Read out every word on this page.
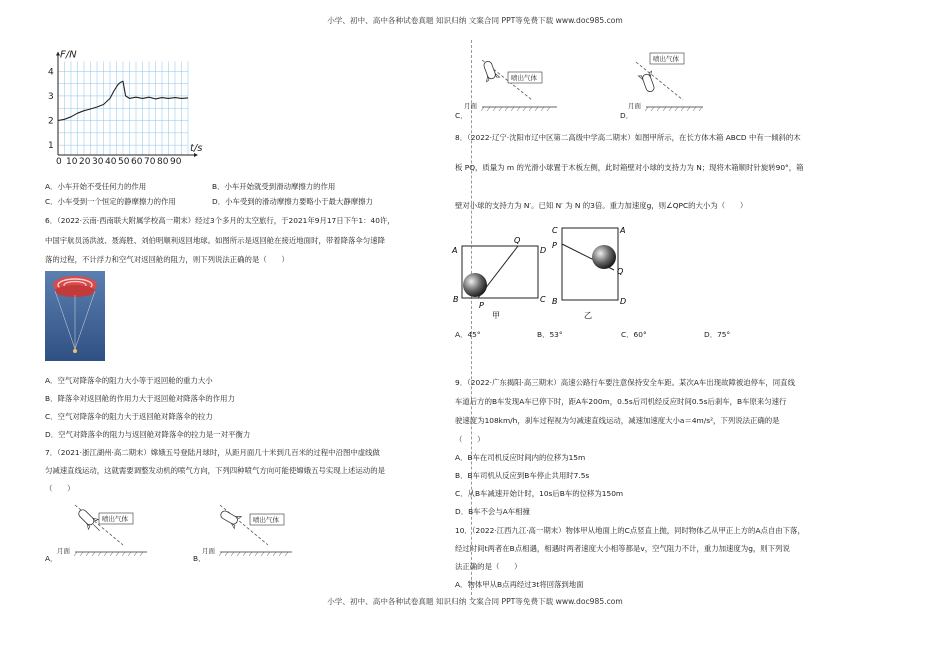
小学、初中、高中各种试卷真题 知识归纳 文案合同 PPT等免费下载 www.doc985.com
小学、初中、高中各种试卷真题 知识归纳 文案合同 PPT等免费下载 www.doc985.com
0 10 20 30 40 50 60 70 80 90
1
2
3
4
t/s
F/N
A．小车开始不受任何力的作用	B．小车开始就受到滑动摩擦力的作用
C．小车受到一个恒定的静摩擦力的作用	D．小车受到的滑动摩擦力要略小于最大静摩擦力
6．（2022·云南·西南联大附属学校高一期末）经过3个多月的太空旅行，于2021年9月17日下午1：40许，
中国宇航员汤洪波、聂海胜、刘伯明顺利返回地球。如图所示是返回舱在接近地面时，带着降落伞匀速降
落的过程，不计浮力和空气对返回舱的阻力，则下列说法正确的是（　　）
A．空气对降落伞的阻力大小等于返回舱的重力大小
B．降落伞对返回舱的作用力大于返回舱对降落伞的作用力
C．空气对降落伞的阻力大于返回舱对降落伞的拉力
D．空气对降落伞的阻力与返回舱对降落伞的拉力是一对平衡力
7．（2021·浙江湖州·高二期末）嫦娥五号登陆月球时，从距月面几十米到几百米的过程中沿图中虚线做
匀减速直线运动，这就需要调整发动机的喷气方向，下列四种喷气方向可能使嫦娥五号实现上述运动的是
（　　）
A．
喷出气体
月面
B．
喷出气体
月面
C．
喷出气体
月面
D．
喷出气体
月面
8．（2022·辽宁·沈阳市辽中区第二高级中学高二期末）如图甲所示，在长方体木箱 ABCD 中有一倾斜的木
板 PQ，质量为 m 的光滑小球置于木板左侧，此时箱壁对小球的支持力为 N；现将木箱顺时针旋转90°，箱
壁对小球的支持力为 N′。已知 N′ 为 N 的3倍。重力加速度g，则∠QPC的大小为（　　）
A
B	C
D
P
Q
甲
A
D
C
B
P
Q
乙
A．45°	B．53°	C．60°	D．75°
9．（2022·广东揭阳·高三期末）高速公路行车要注意保持安全车距。某次A车出现故障被迫停车，同直线
车道后方的B车发现A车已停下时，距A车200m，0.5s后司机经反应时间0.5s后刹车，B车原来匀速行
驶速度为108km/h，刹车过程视为匀减速直线运动，减速加速度大小a＝4m/s²，下列说法正确的是
（　　）
A．B车在司机反应时间内的位移为15m
B．B车司机从反应到B车停止共用时7.5s
C．从B车减速开始计时，10s后B车的位移为150m
D．B车不会与A车相撞
10．（2022·江西九江·高一期末）物体甲从地面上的C点竖直上抛，同时物体乙从甲正上方的A点自由下落，
经过时间t两者在B点相遇，相遇时两者速度大小相等都是v，空气阻力不计，重力加速度为g，则下列说
法正确的是（　　）
A．物体甲从B点再经过3t将回落到地面
